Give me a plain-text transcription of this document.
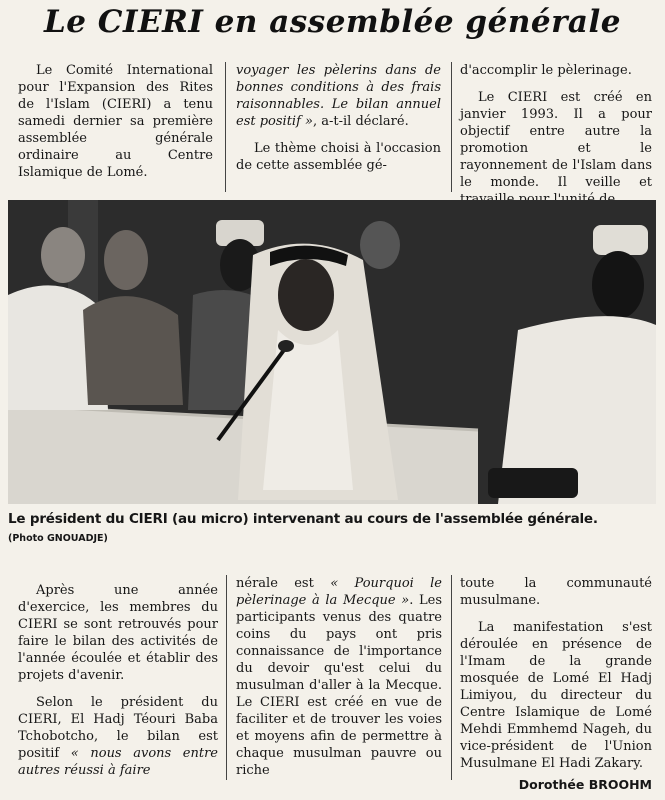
Le CIERI en assemblée générale

Le Comité International pour l'Expansion des Rites de l'Islam (CIERI) a tenu samedi dernier sa première assemblée générale ordinaire au Centre Islamique de Lomé.

voyager les pèlerins dans de bonnes conditions à des frais raisonnables. Le bilan annuel est positif », a-t-il déclaré.

Le thème choisi à l'occasion de cette assemblée gé-

d'accomplir le pèlerinage.

Le CIERI est créé en janvier 1993. Il a pour objectif entre autre la promotion et le rayonnement de l'Islam dans le monde. Il veille et

Le président du CIERI (au micro) intervenant au cours de l'assemblée générale.
(Photo GNOUADJE)

Après une année d'exercice, les membres du CIERI se sont retrouvés pour faire le bilan des activités de l'année écoulée et établir des projets d'avenir.

Selon le président du CIERI, El Hadj Téouri Baba Tchobotcho, le bilan est positif « nous avons entre autres réussi à faire

nérale est « Pourquoi le pèlerinage à la Mecque ». Les participants venus des quatre coins du pays ont pris connaissance de l'importance du devoir qu'est celui du musulman d'aller à la Mecque. Le CIERI est créé en vue de faciliter et de trouver les voies et moyens afin de permettre à chaque musulman pauvre ou riche

toute la communauté musulmane.

La manifestation s'est déroulée en présence de l'Imam de la grande mosquée de Lomé El Hadj Limiyou, du directeur du Centre Islamique de Lomé Mehdi Emmhemd Nageh, du vice-président de l'Union Musulmane El Hadi Zakary.

Dorothée BROOHM
